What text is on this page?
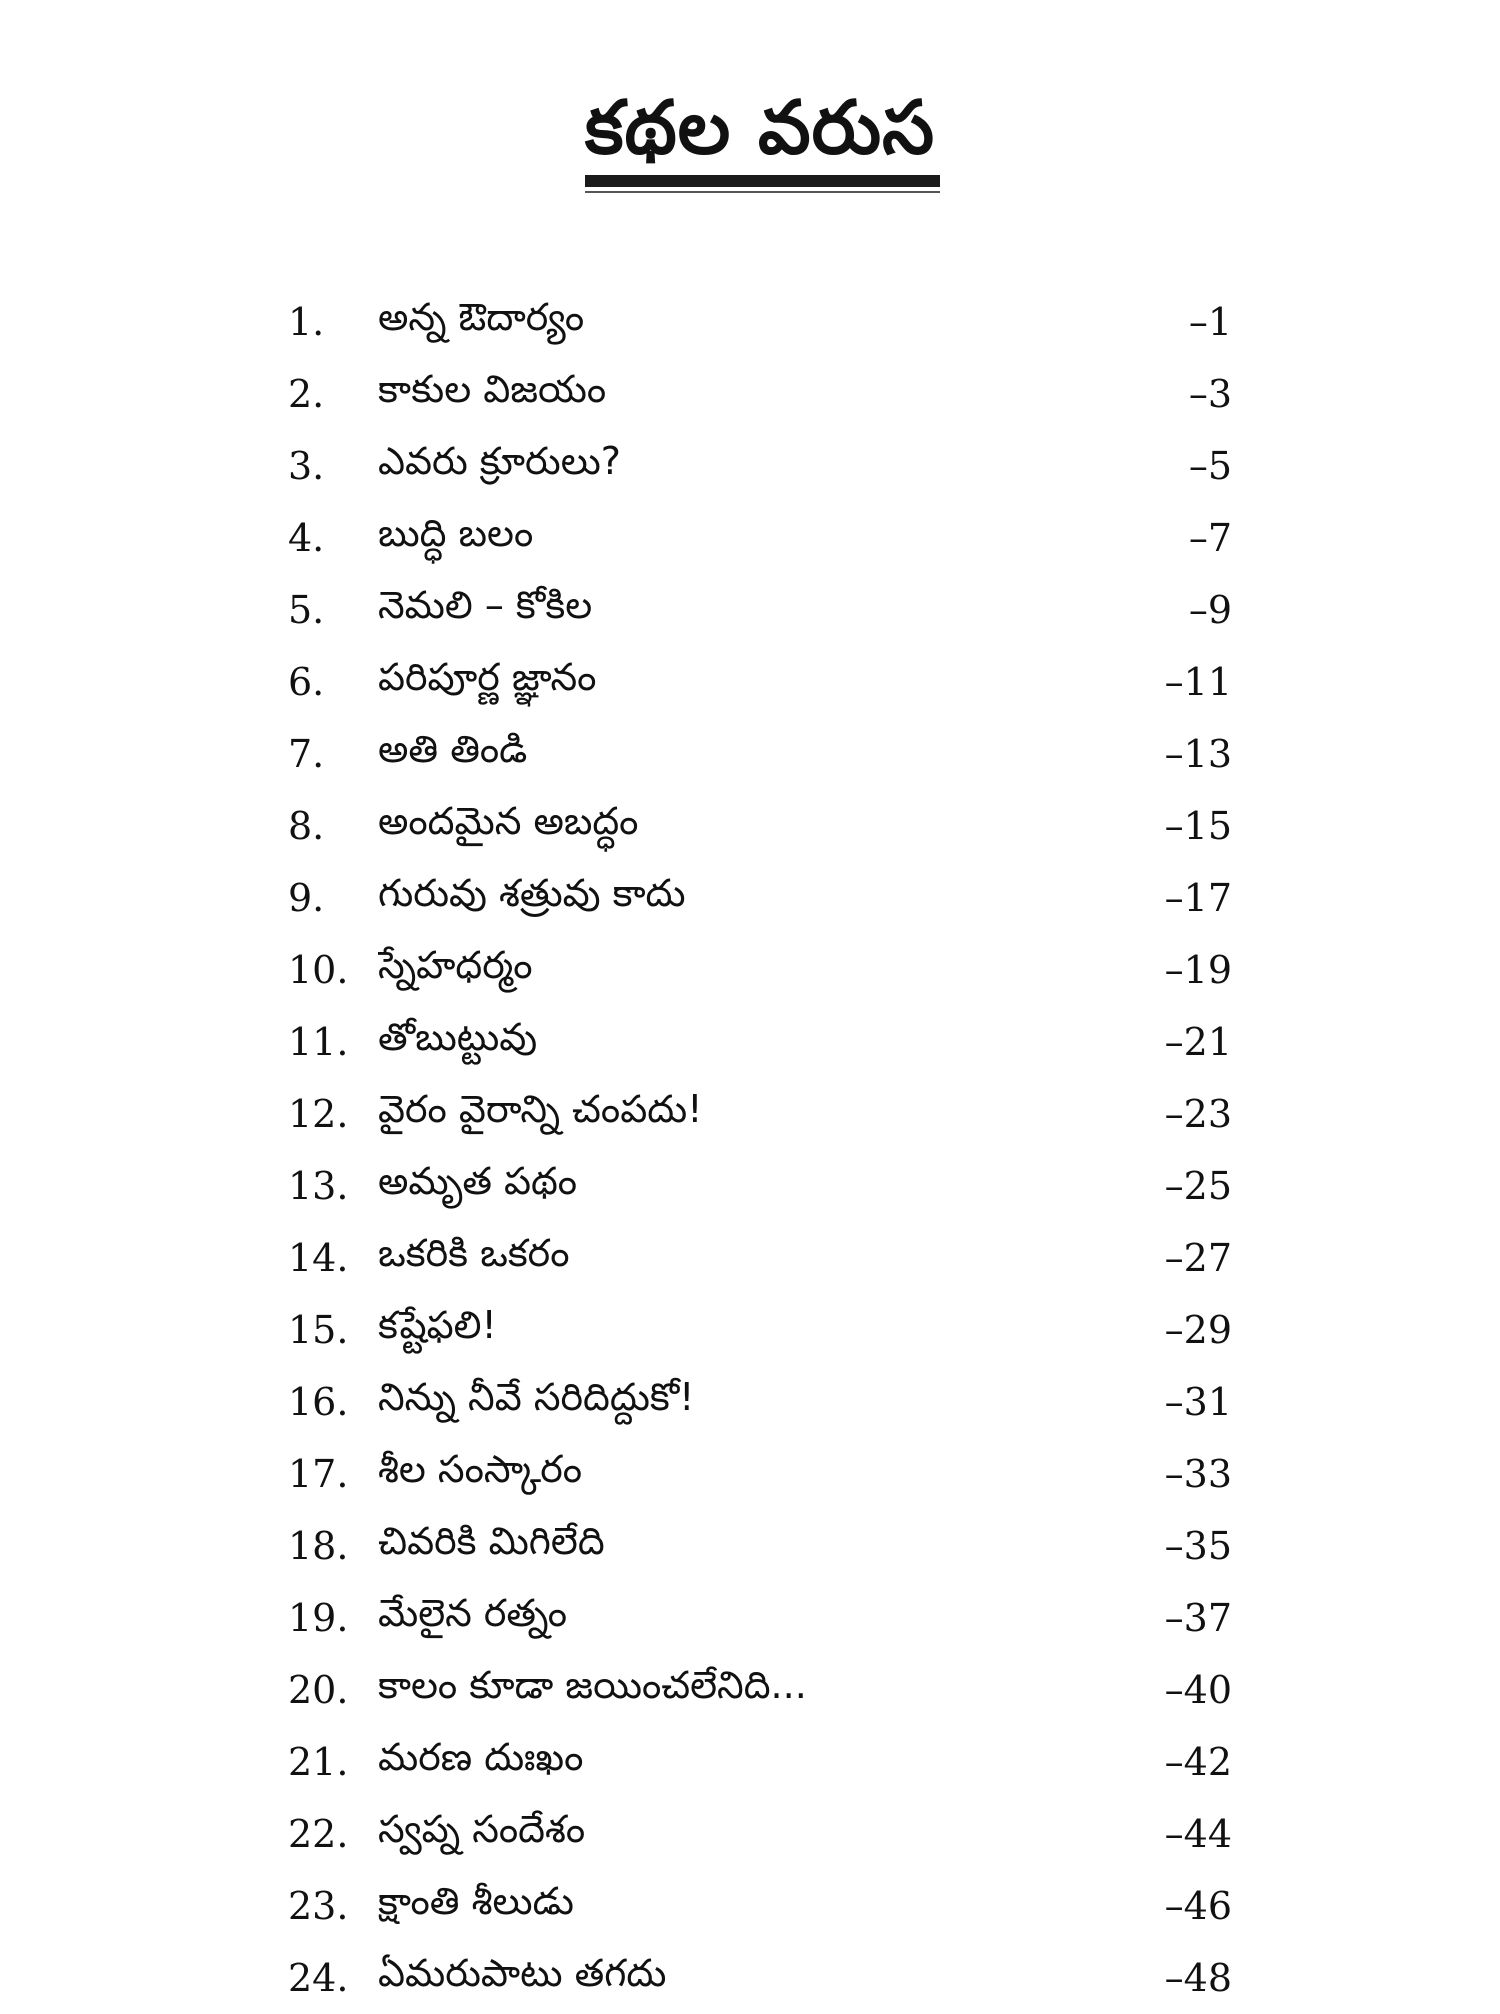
కథల వరుస
1.	అన్న ఔదార్యం	–1
2.	కాకుల విజయం	–3
3.	ఎవరు క్రూరులు?	–5
4.	బుద్ధి బలం	–7
5.	నెమలి – కోకిల	–9
6.	పరిపూర్ణ జ్ఞానం	–11
7.	అతి తిండి	–13
8.	అందమైన అబద్ధం	–15
9.	గురువు శత్రువు కాదు	–17
10. స్నేహధర్మం	–19
11. తోబుట్టువు	–21
12. వైరం వైరాన్ని చంపదు!	–23
13. అమృత పథం	–25
14. ఒకరికి ఒకరం	–27
15. కష్టేఫలి!	–29
16. నిన్ను నీవే సరిదిద్దుకో!	–31
17. శీల సంస్కారం	–33
18. చివరికి మిగిలేది	–35
19. మేలైన రత్నం	–37
20. కాలం కూడా జయించలేనిది...	–40
21. మరణ దుఃఖం	–42
22. స్వప్న సందేశం	–44
23. క్షాంతి శీలుడు	–46
24. ఏమరుపాటు తగదు	–48
